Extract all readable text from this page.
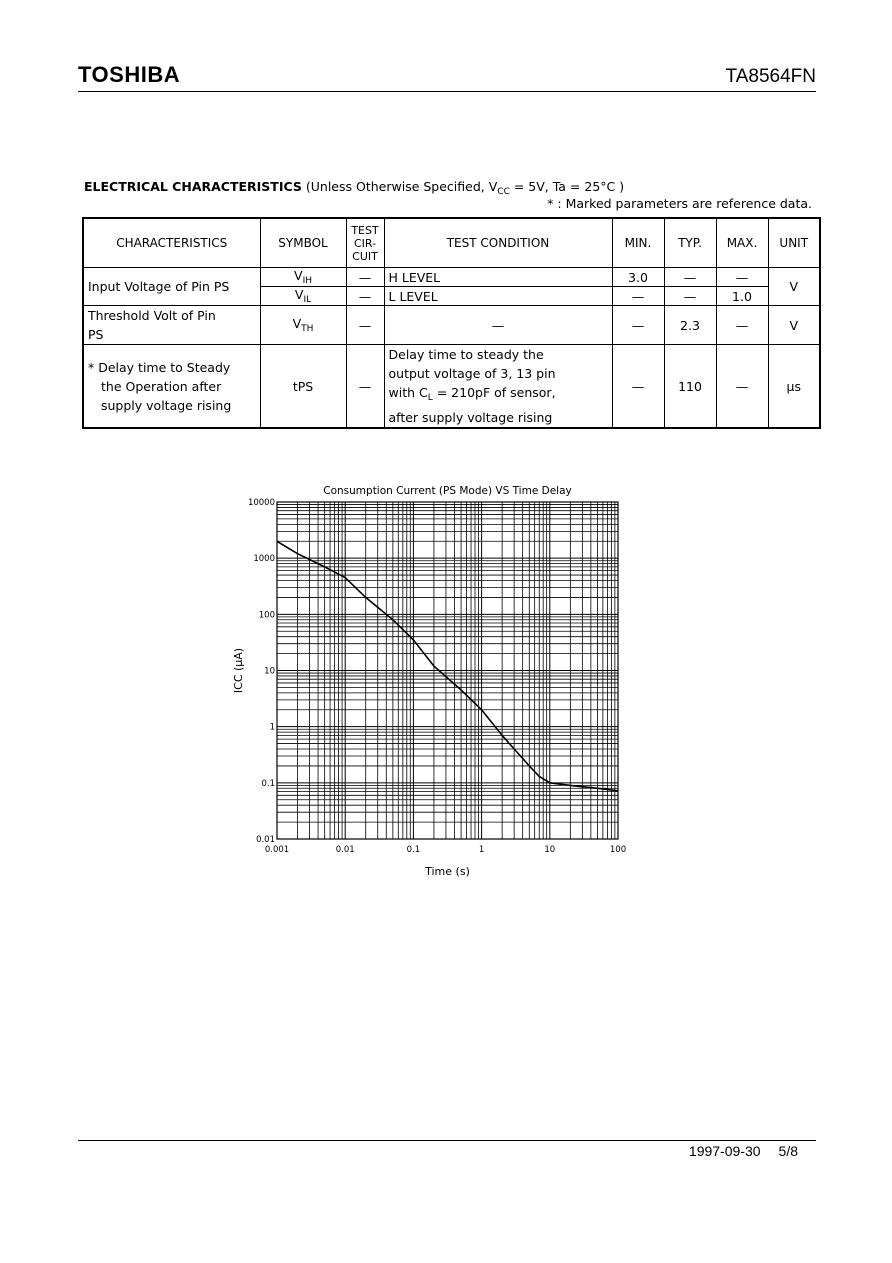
TOSHIBA	TA8564FN
ELECTRICAL CHARACTERISTICS (Unless Otherwise Specified, $V_{CC} = 5V$, Ta = 25°C )
* : Marked parameters are reference data.
CHARACTERISTICS	SYMBOL	TEST
CIR-
CUIT	TEST CONDITION	MIN.	TYP.	MAX.	UNIT
Input Voltage of Pin PS	$V_{IH}$	—	H LEVEL	3.0	—	—	V
	$V_{IL}$	—	L LEVEL	—	—	1.0	
Threshold Volt of Pin
PS	$V_{TH}$	—	—	—	2.3	—	V
* Delay time to Steady
the Operation after
supply voltage rising	tPS	—	Delay time to steady the
output voltage of 3, 13 pin
with $C_L = 210pF$ of sensor,
after supply voltage rising	—	110	—	μs
Consumption Current (PS Mode) VS Time Delay
0.001	0.01	0.1	1	10	100
0.01
0.1
1
10
100
1000
10000
Time (s)
ICC (μA)
1997-09-30 5/8
